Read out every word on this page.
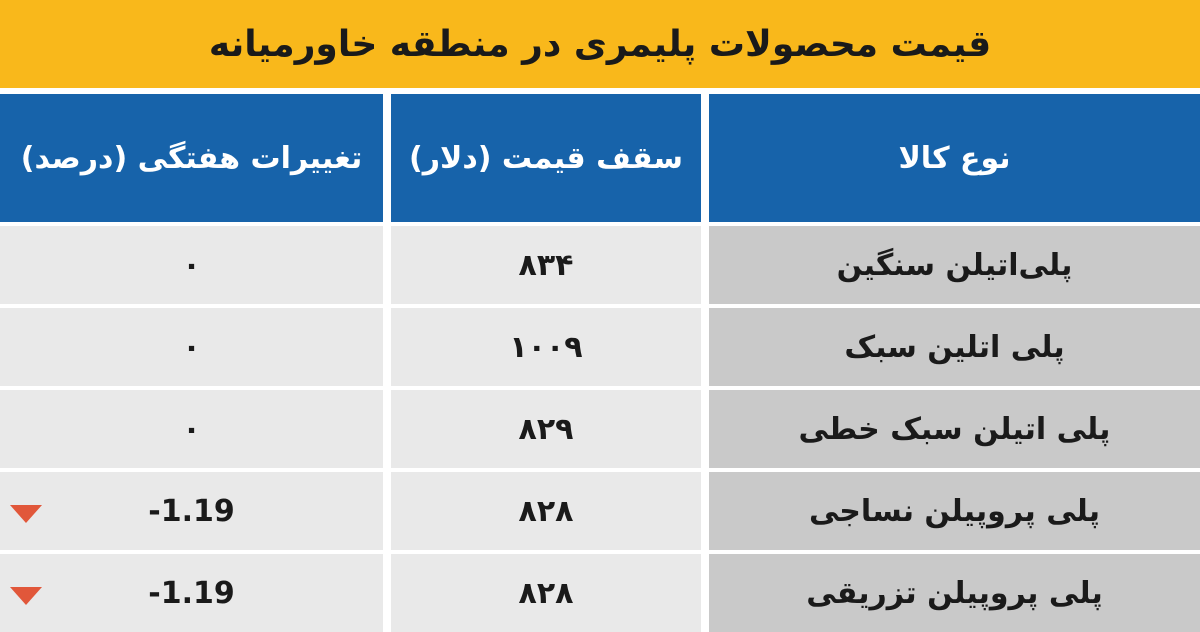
قیمت محصولات پلیمری در منطقه خاورمیانه
نوع کالا
سقف قیمت (دلار)
تغییرات هفتگی (درصد)
پلی‌اتیلن سنگین
۸۳۴
۰
پلی اتلین سبک
۱۰۰۹
۰
پلی اتیلن سبک خطی
۸۲۹
۰
پلی پروپیلن نساجی
۸۲۸
-1.19
پلی پروپیلن تزریقی
۸۲۸
-1.19
